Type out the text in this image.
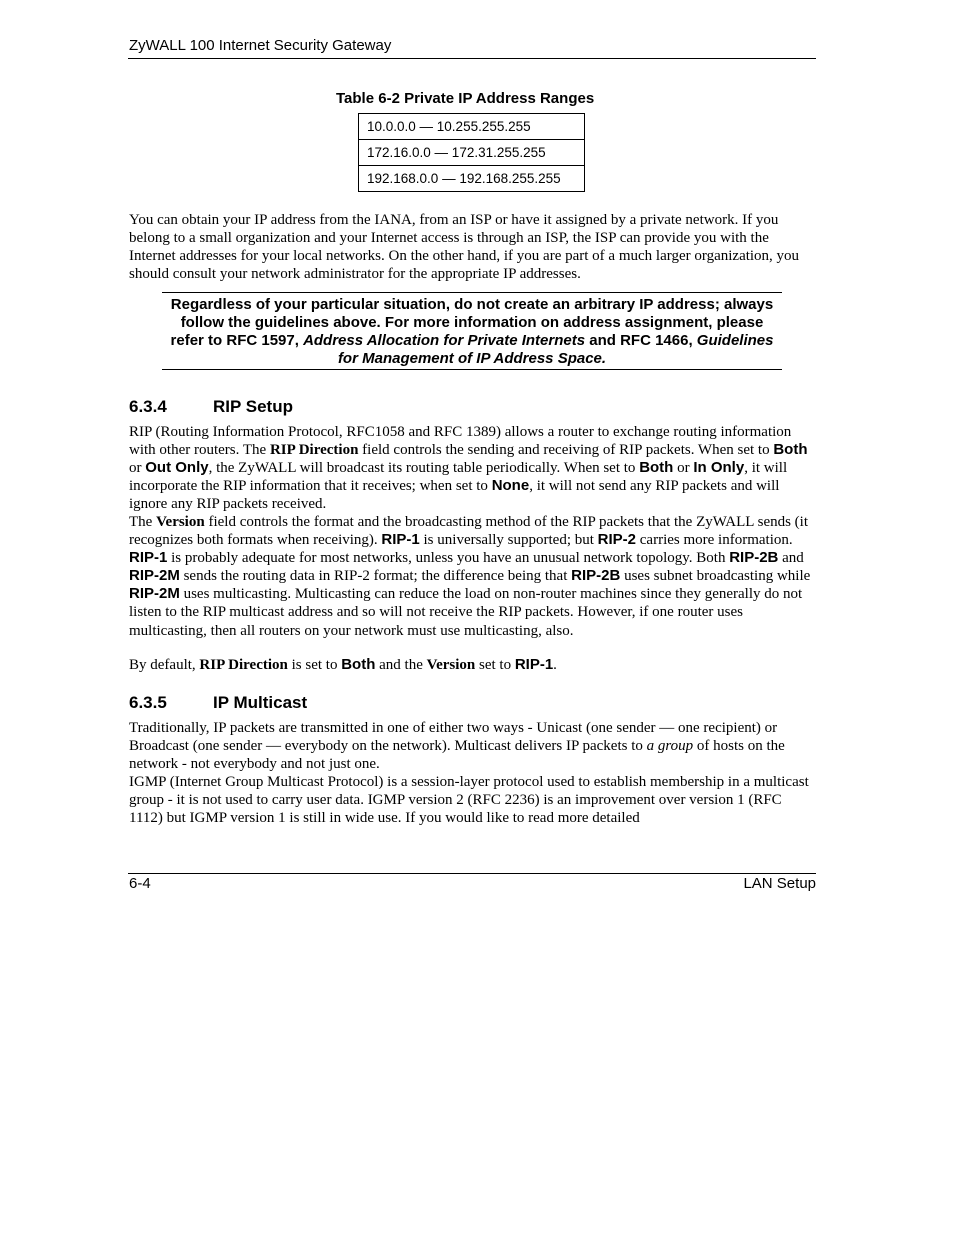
ZyWALL 100 Internet Security Gateway
Table 6-2 Private IP Address Ranges
10.0.0.0 — 10.255.255.255
172.16.0.0 — 172.31.255.255
192.168.0.0 — 192.168.255.255

You can obtain your IP address from the IANA, from an ISP or have it assigned by a private network. If you belong to a small organization and your Internet access is through an ISP, the ISP can provide you with the Internet addresses for your local networks. On the other hand, if you are part of a much larger organization, you should consult your network administrator for the appropriate IP addresses.

Regardless of your particular situation, do not create an arbitrary IP address; always follow the guidelines above. For more information on address assignment, please refer to RFC 1597, Address Allocation for Private Internets and RFC 1466, Guidelines for Management of IP Address Space.
6.3.4	RIP Setup

RIP (Routing Information Protocol, RFC1058 and RFC 1389) allows a router to exchange routing information with other routers. The RIP Direction field controls the sending and receiving of RIP packets. When set to Both or Out Only, the ZyWALL will broadcast its routing table periodically. When set to Both or In Only, it will incorporate the RIP information that it receives; when set to None, it will not send any RIP packets and will ignore any RIP packets received.

The Version field controls the format and the broadcasting method of the RIP packets that the ZyWALL sends (it recognizes both formats when receiving). RIP-1 is universally supported; but RIP-2 carries more information. RIP-1 is probably adequate for most networks, unless you have an unusual network topology. Both RIP-2B and RIP-2M sends the routing data in RIP-2 format; the difference being that RIP-2B uses subnet broadcasting while RIP-2M uses multicasting. Multicasting can reduce the load on non-router machines since they generally do not listen to the RIP multicast address and so will not receive the RIP packets. However, if one router uses multicasting, then all routers on your network must use multicasting, also.

By default, RIP Direction is set to Both and the Version set to RIP-1.

6.3.5	IP Multicast

Traditionally, IP packets are transmitted in one of either two ways - Unicast (one sender — one recipient) or Broadcast (one sender — everybody on the network). Multicast delivers IP packets to a group of hosts on the network - not everybody and not just one.

IGMP (Internet Group Multicast Protocol) is a session-layer protocol used to establish membership in a multicast group - it is not used to carry user data. IGMP version 2 (RFC 2236) is an improvement over version 1 (RFC 1112) but IGMP version 1 is still in wide use. If you would like to read more detailed

6-4	LAN Setup
